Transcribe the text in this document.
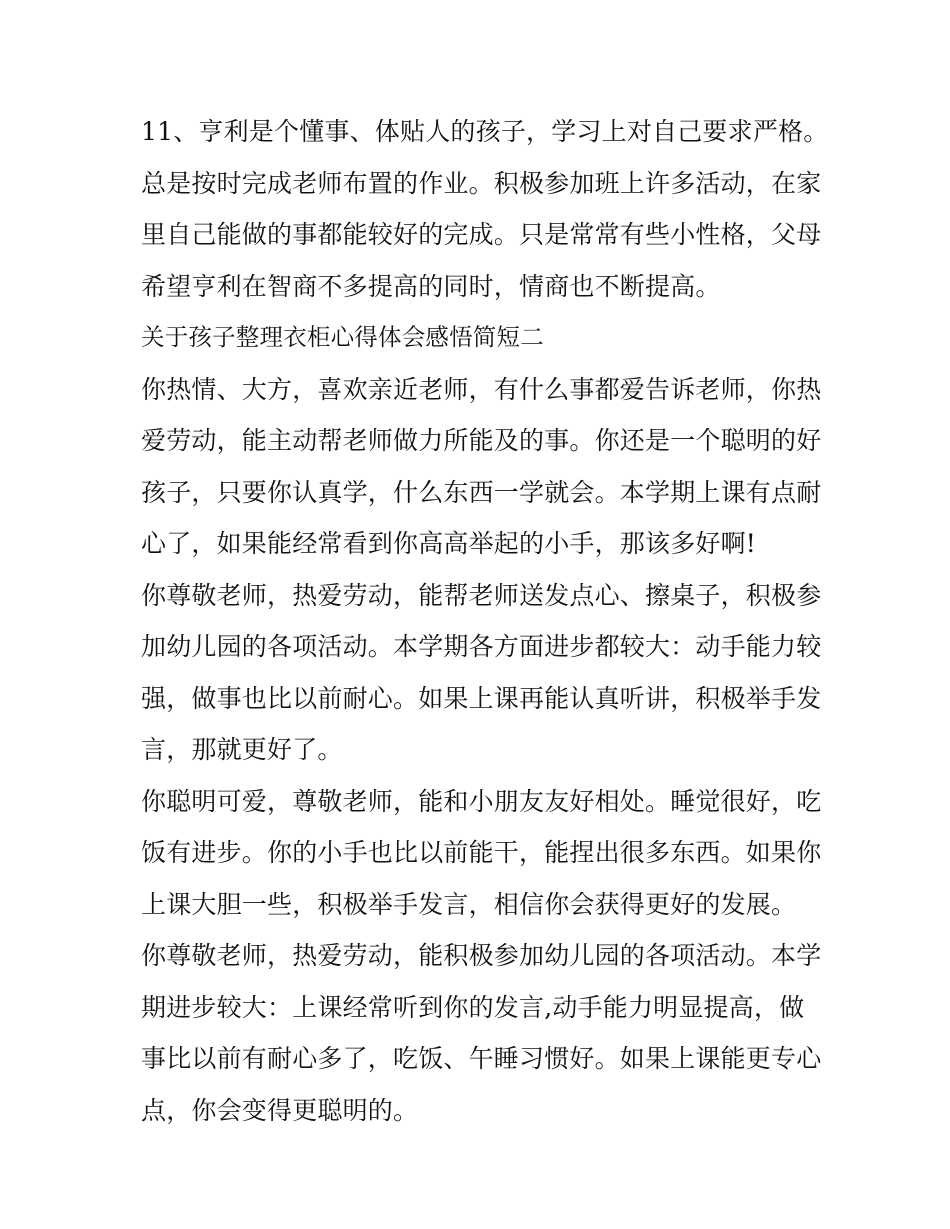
11、亨利是个懂事、体贴人的孩子，学习上对自己要求严格。
总是按时完成老师布置的作业。积极参加班上许多活动，在家
里自己能做的事都能较好的完成。只是常常有些小性格，父母
希望亨利在智商不多提高的同时，情商也不断提高。
关于孩子整理衣柜心得体会感悟简短二
你热情、大方，喜欢亲近老师，有什么事都爱告诉老师，你热
爱劳动，能主动帮老师做力所能及的事。你还是一个聪明的好
孩子，只要你认真学，什么东西一学就会。本学期上课有点耐
心了，如果能经常看到你高高举起的小手，那该多好啊!
你尊敬老师，热爱劳动，能帮老师送发点心、擦桌子，积极参
加幼儿园的各项活动。本学期各方面进步都较大：动手能力较
强，做事也比以前耐心。如果上课再能认真听讲，积极举手发
言，那就更好了。
你聪明可爱，尊敬老师，能和小朋友友好相处。睡觉很好，吃
饭有进步。你的小手也比以前能干，能捏出很多东西。如果你
上课大胆一些，积极举手发言，相信你会获得更好的发展。
你尊敬老师，热爱劳动，能积极参加幼儿园的各项活动。本学
期进步较大：上课经常听到你的发言,动手能力明显提高，做
事比以前有耐心多了，吃饭、午睡习惯好。如果上课能更专心
点，你会变得更聪明的。
